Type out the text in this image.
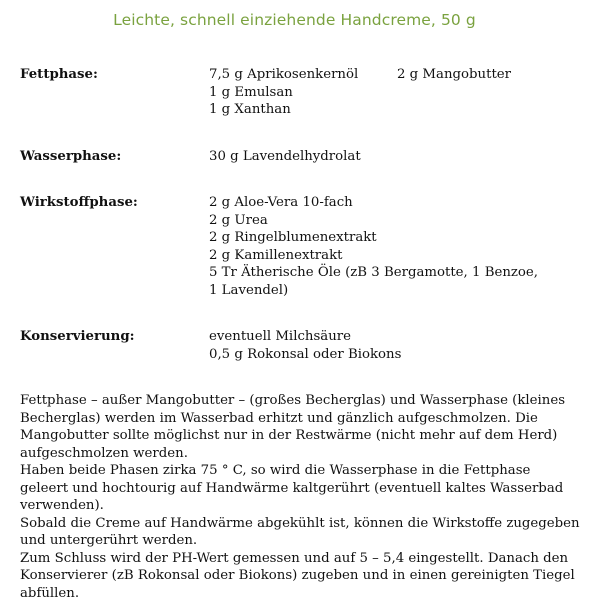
Leichte, schnell einziehende Handcreme, 50 g
Fettphase:	7,5 g Aprikosenkernöl
1 g Emulsan
1 g Xanthan
2 g Mangobutter
Wasserphase:	30 g Lavendelhydrolat
Wirkstoffphase:	2 g Aloe-Vera 10-fach
2 g Urea
2 g Ringelblumenextrakt
2 g Kamillenextrakt
5 Tr Ätherische Öle (zB 3 Bergamotte, 1 Benzoe, 1 Lavendel)
Konservierung:	eventuell Milchsäure
0,5 g Rokonsal oder Biokons

Fettphase – außer Mangobutter – (großes Becherglas) und Wasserphase (kleines Becherglas) werden im Wasserbad erhitzt und gänzlich aufgeschmolzen. Die Mangobutter sollte möglichst nur in der Restwärme (nicht mehr auf dem Herd) aufgeschmolzen werden.

Haben beide Phasen zirka 75 ° C, so wird die Wasserphase in die Fettphase geleert und hochtourig auf Handwärme kaltgerührt (eventuell kaltes Wasserbad verwenden).

Sobald die Creme auf Handwärme abgekühlt ist, können die Wirkstoffe zugegeben und untergerührt werden.

Zum Schluss wird der PH-Wert gemessen und auf 5 – 5,4 eingestellt. Danach den Konservierer (zB Rokonsal oder Biokons) zugeben und in einen gereinigten Tiegel abfüllen.
